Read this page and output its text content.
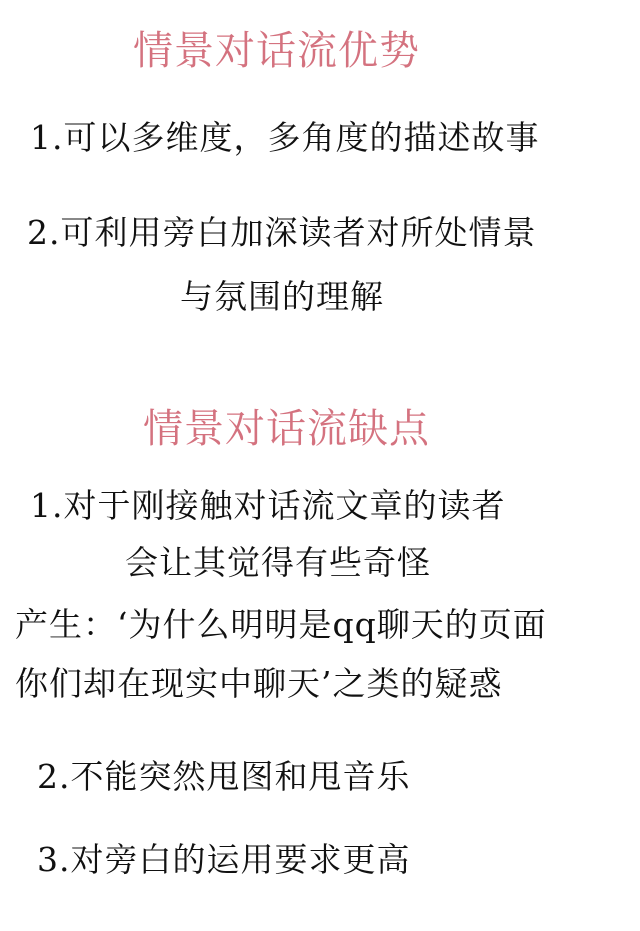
情景对话流优势
1.可以多维度，多角度的描述故事
2.可利用旁白加深读者对所处情景
与氛围的理解
情景对话流缺点
1.对于刚接触对话流文章的读者
会让其觉得有些奇怪
产生：‘为什么明明是qq聊天的页面
你们却在现实中聊天’之类的疑惑
2.不能突然甩图和甩音乐
3.对旁白的运用要求更高
